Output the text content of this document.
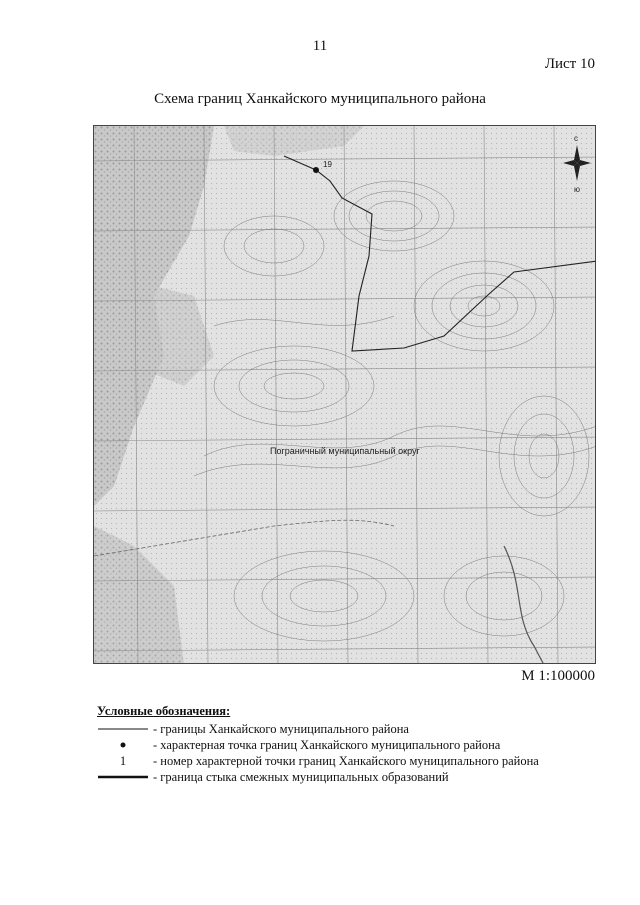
11
Лист 10
Схема границ Ханкайского муниципального района
19
с
ю
Пограничный муниципальный округ
М 1:100000
Условные обозначения:
- границы Ханкайского муниципального района
- характерная точка границ Ханкайского муниципального района
1	- номер характерной точки границ Ханкайского муниципального района
- граница стыка смежных муниципальных образований
